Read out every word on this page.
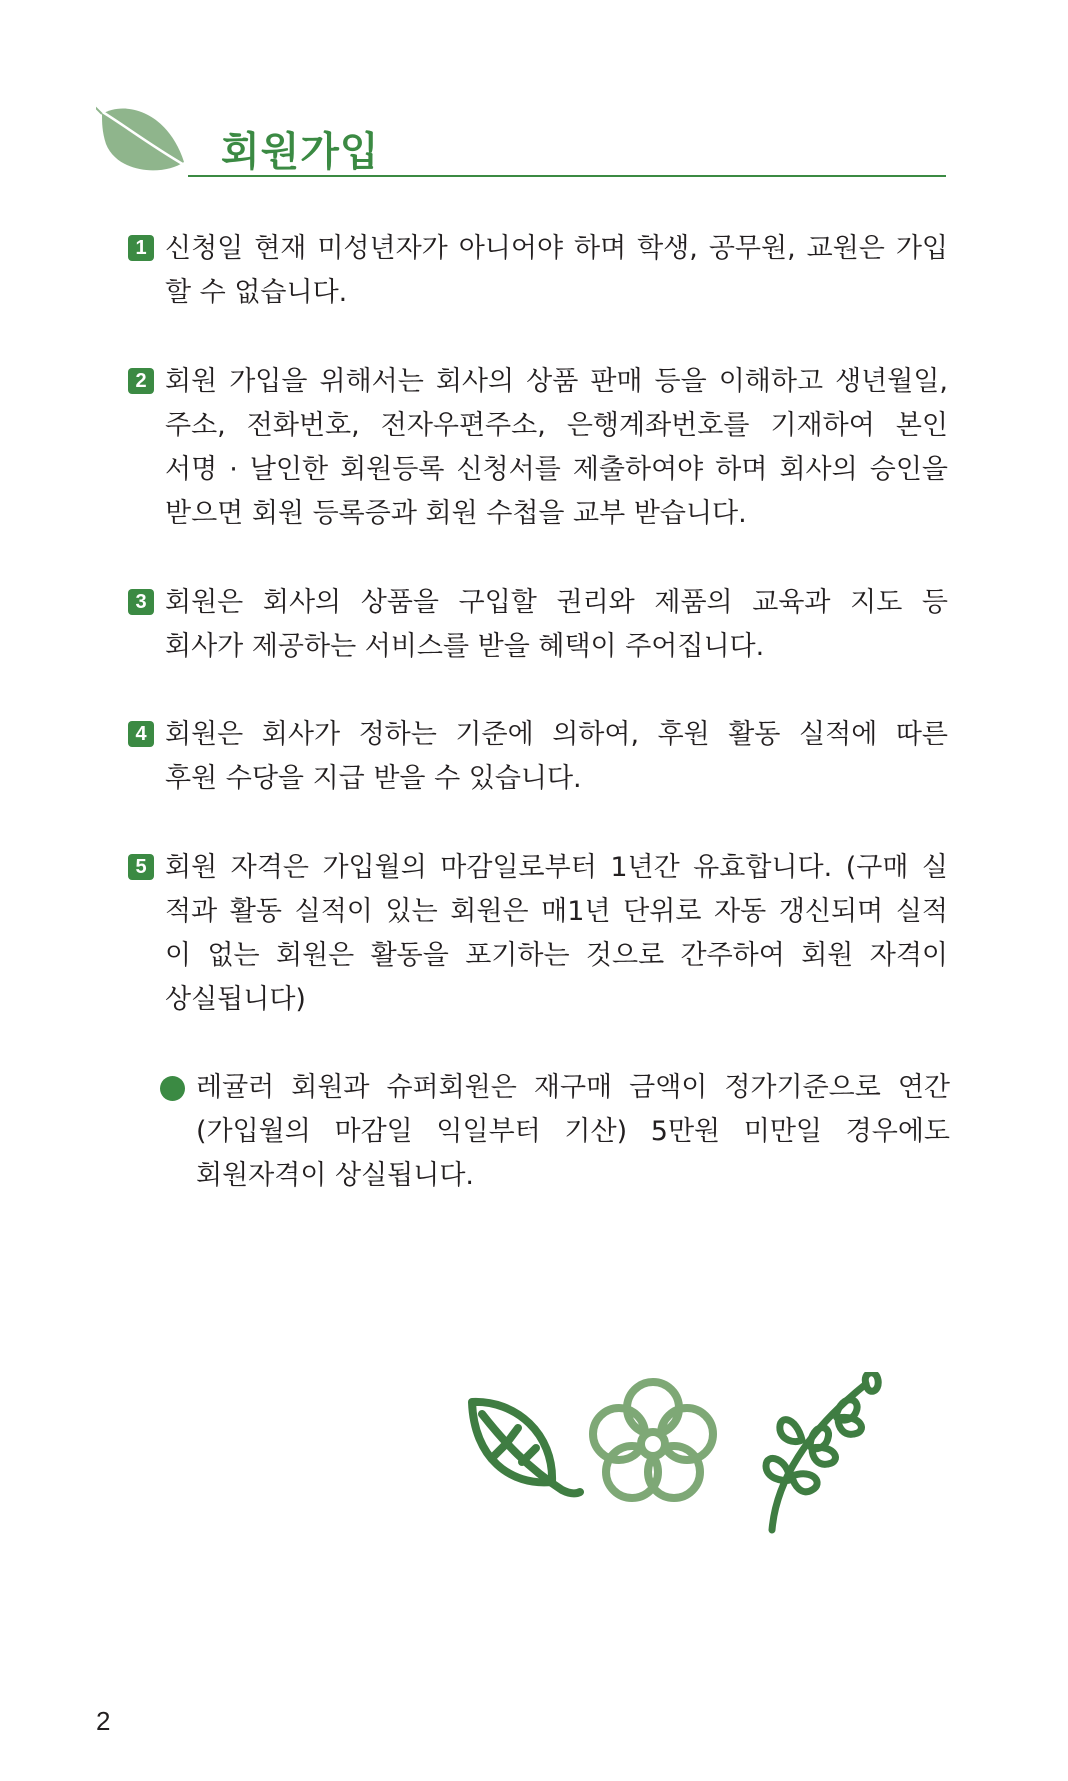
회원가입
1 신청일 현재 미성년자가 아니어야 하며 학생, 공무원, 교원은 가입
할 수 없습니다.
2 회원 가입을 위해서는 회사의 상품 판매 등을 이해하고 생년월일,
주소, 전화번호, 전자우편주소, 은행계좌번호를 기재하여 본인
서명 · 날인한 회원등록 신청서를 제출하여야 하며 회사의 승인을
받으면 회원 등록증과 회원 수첩을 교부 받습니다.
3 회원은 회사의 상품을 구입할 권리와 제품의 교육과 지도 등
회사가 제공하는 서비스를 받을 혜택이 주어집니다.
4 회원은 회사가 정하는 기준에 의하여, 후원 활동 실적에 따른
후원 수당을 지급 받을 수 있습니다.
5 회원 자격은 가입월의 마감일로부터 1년간 유효합니다. (구매 실
적과 활동 실적이 있는 회원은 매1년 단위로 자동 갱신되며 실적
이 없는 회원은 활동을 포기하는 것으로 간주하여 회원 자격이
상실됩니다)
레귤러 회원과 슈퍼회원은 재구매 금액이 정가기준으로 연간
(가입월의 마감일 익일부터 기산) 5만원 미만일 경우에도
회원자격이 상실됩니다.
2
